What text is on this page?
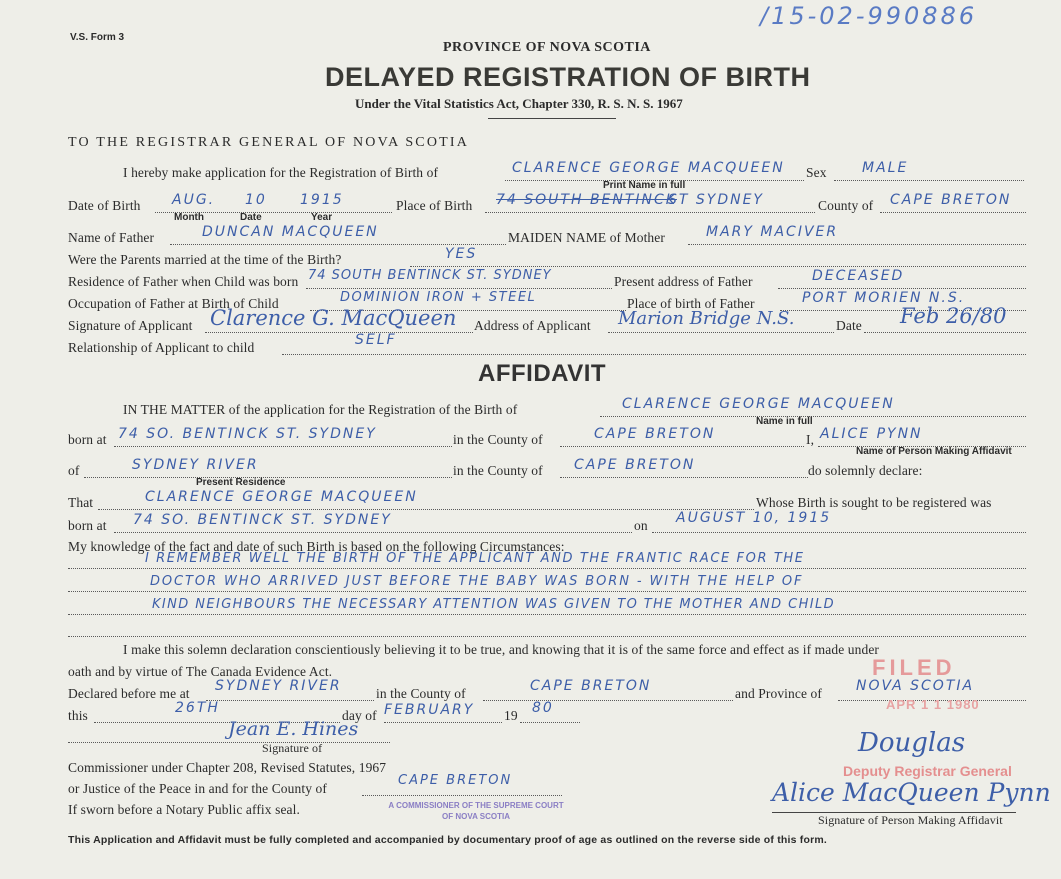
/15-02-990886
V.S. Form 3
PROVINCE OF NOVA SCOTIA
DELAYED REGISTRATION OF BIRTH
Under the Vital Statistics Act, Chapter 330, R. S. N. S. 1967
TO THE REGISTRAR GENERAL OF NOVA SCOTIA
I hereby make application for the Registration of Birth of	CLARENCE GEORGE MACQUEEN
Print Name in full
Sex	MALE
Date of Birth AUG. 10 1915
Month	Date	Year
Place of Birth 74 SOUTH BENTINCK
ST SYDNEY	County of CAPE BRETON
Name of Father	DUNCAN MACQUEEN	MAIDEN NAME of Mother	MARY MACIVER
Were the Parents married at the time of the Birth?	YES
Residence of Father when Child was born 74 SOUTH BENTINCK ST. SYDNEY	Present address of Father	DECEASED
Occupation of Father at Birth of Child	DOMINION IRON + STEEL	Place of birth of Father	PORT MORIEN N.S.
Signature of Applicant Clarence G. MacQueen Address of Applicant Marion Bridge N.S.	Date Feb 26/80
Relationship of Applicant to child	SELF
AFFIDAVIT
IN THE MATTER of the application for the Registration of the Birth of	CLARENCE GEORGE MACQUEEN
Name in full
born at 74 SO. BENTINCK ST. SYDNEY	in the County of	CAPE BRETON	I, ALICE PYNN
Name of Person Making Affidavit
of	SYDNEY RIVER
Present Residence
in the County of CAPE BRETON	do solemnly declare:
That	CLARENCE GEORGE MACQUEEN	Whose Birth is sought to be registered was
born at 74 SO. BENTINCK ST. SYDNEY	on AUGUST 10, 1915
My knowledge of the fact and date of such Birth is based on the following Circumstances:
I REMEMBER WELL THE BIRTH OF THE APPLICANT AND THE FRANTIC RACE FOR THE
DOCTOR WHO ARRIVED JUST BEFORE THE BABY WAS BORN - WITH THE HELP OF
KIND NEIGHBOURS THE NECESSARY ATTENTION WAS GIVEN TO THE MOTHER AND CHILD
I make this solemn declaration conscientiously believing it to be true, and knowing that it is of the same force and effect as if made under
oath and by virtue of The Canada Evidence Act.
Declared before me at SYDNEY RIVER	in the County of	CAPE BRETON	and Province of NOVA SCOTIA
this	26TH	day of FEBRUARY 19 80
Jean E. Hines
Signature of
Commissioner under Chapter 208, Revised Statutes, 1967
or Justice of the Peace in and for the County of
CAPE BRETON
If sworn before a Notary Public affix seal.	A COMMISSIONER OF THE SUPREME COURT
OF NOVA SCOTIA
FILED
APR 1 1 1980
Douglas
Deputy Registrar General
Alice MacQueen Pynn
Signature of Person Making Affidavit
This Application and Affidavit must be fully completed and accompanied by documentary proof of age as outlined on the reverse side of this form.
